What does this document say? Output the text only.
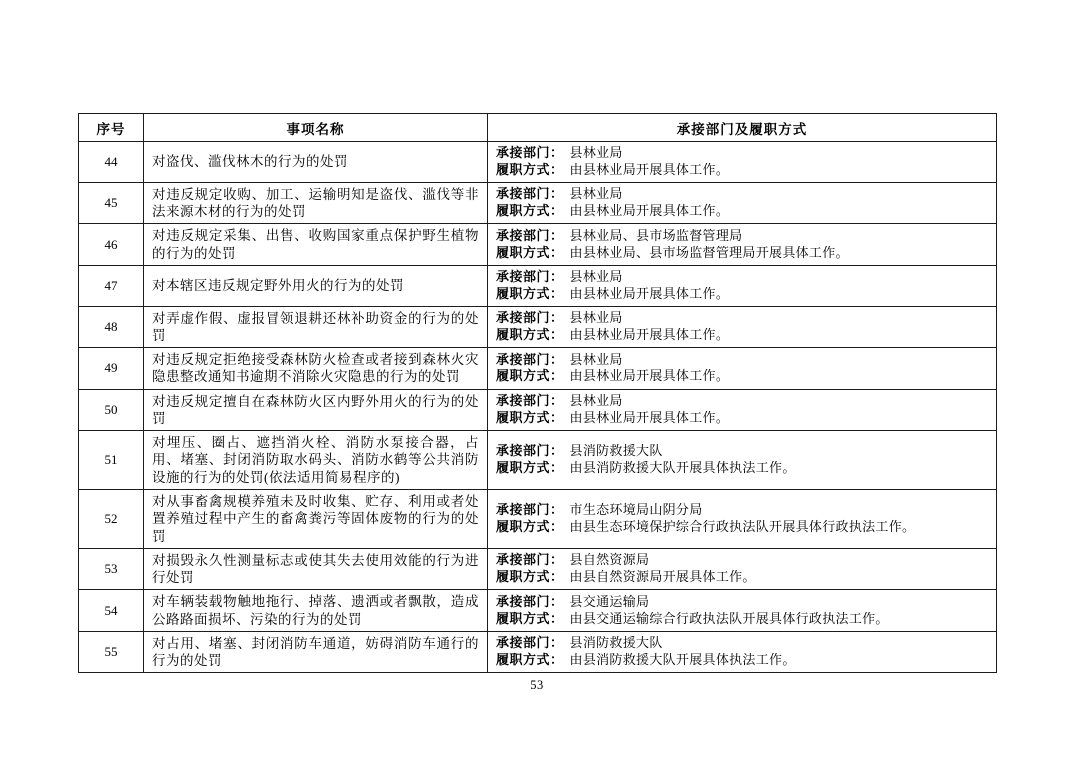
序号	事项名称	承接部门及履职方式
44	对盗伐、滥伐林木的行为的处罚	承接部门： 县林业局
履职方式： 由县林业局开展具体工作。

45	对违反规定收购、加工、运输明知是盗伐、滥伐等非法来源木材的行为的处罚	承接部门： 县林业局
履职方式： 由县林业局开展具体工作。

46	对违反规定采集、出售、收购国家重点保护野生植物的行为的处罚	承接部门： 县林业局、县市场监督管理局
履职方式： 由县林业局、县市场监督管理局开展具体工作。

47	对本辖区违反规定野外用火的行为的处罚	承接部门： 县林业局
履职方式： 由县林业局开展具体工作。

48	对弄虚作假、虚报冒领退耕还林补助资金的行为的处罚	承接部门： 县林业局
履职方式： 由县林业局开展具体工作。

49	对违反规定拒绝接受森林防火检查或者接到森林火灾隐患整改通知书逾期不消除火灾隐患的行为的处罚	承接部门： 县林业局
履职方式： 由县林业局开展具体工作。

50	对违反规定擅自在森林防火区内野外用火的行为的处罚	承接部门： 县林业局
履职方式： 由县林业局开展具体工作。

51	对埋压、圈占、遮挡消火栓、消防水泵接合器，占用、堵塞、封闭消防取水码头、消防水鹤等公共消防设施的行为的处罚(依法适用简易程序的)	承接部门： 县消防救援大队
履职方式： 由县消防救援大队开展具体执法工作。

52	对从事畜禽规模养殖未及时收集、贮存、利用或者处置养殖过程中产生的畜禽粪污等固体废物的行为的处罚	承接部门： 市生态环境局山阴分局
履职方式： 由县生态环境保护综合行政执法队开展具体行政执法工作。

53	对损毁永久性测量标志或使其失去使用效能的行为进行处罚	承接部门： 县自然资源局
履职方式： 由县自然资源局开展具体工作。

54	对车辆装载物触地拖行、掉落、遗洒或者飘散，造成公路路面损坏、污染的行为的处罚	承接部门： 县交通运输局
履职方式： 由县交通运输综合行政执法队开展具体行政执法工作。

55	对占用、堵塞、封闭消防车通道，妨碍消防车通行的行为的处罚	承接部门： 县消防救援大队
履职方式： 由县消防救援大队开展具体执法工作。
53
